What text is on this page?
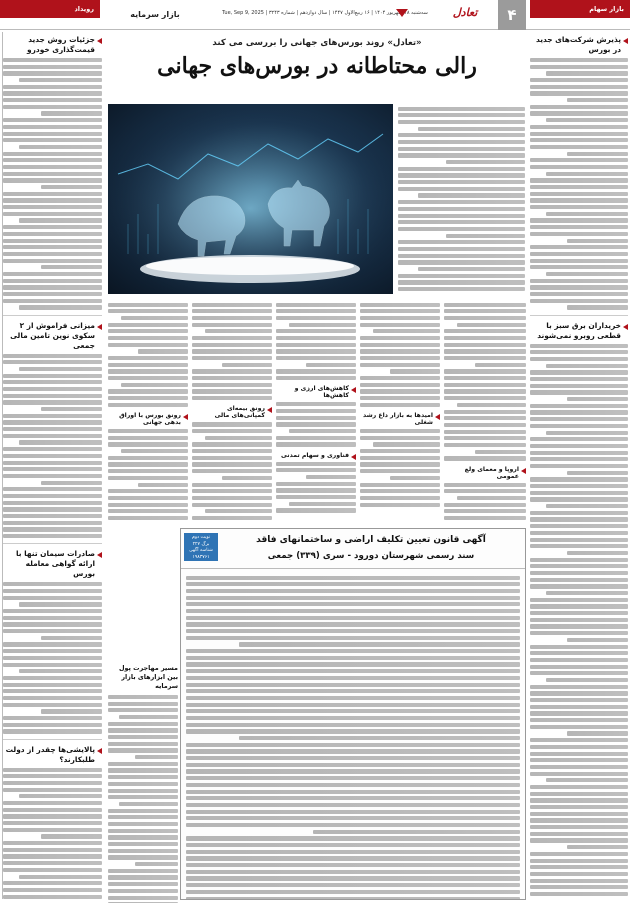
رویداد
بازار سرمایه	سه‌شنبه ۱۸ شهریور ۱۴۰۴ | ۱۶ ربیع‌الاول ۱۴۴۷ | سال دوازدهم | شماره ۳۲۴۳ | Tue, Sep 9, 2025	تعادل	۴	بازار سهام
پذیرش شرکت‌های جدید در بورس
خریداران برق سبز با قطعی روبرو نمی‌شوند
«تعادل» روند بورس‌های جهانی را بررسی می کند
رالی محتاطانه در بورس‌های جهانی
رونق بورس با اوراق بدهی جهانی
رونق بیمه‌ای کمپانی‌های مالی
کاهش‌های ارزی و کاهش‌ها
فناوری و سهام تمدنی
امیدها به بازار داغ رشد شغلی
اروپا و معمای ولع عمومی
مسیر مهاجرت پول بین ابزارهای بازار سرمایه
نوبت دوم
برگ ۲۲۷
شناسه آگهی ۱۹۸۳۷۶۱
آگهی قانون تعیین تکلیف اراضی و ساختمانهای فاقد
سند رسمی شهرستان دورود - سری (۳۳۹) جمعی
جزئیات روش جدید قیمت‌گذاری خودرو
میزانی فراموش از ۲ سکوی نوین تامین مالی جمعی
صادرات سیمان تنها با ارائه گواهی معامله بورس
پالایشی‌ها چقدر از دولت طلبکارند؟
